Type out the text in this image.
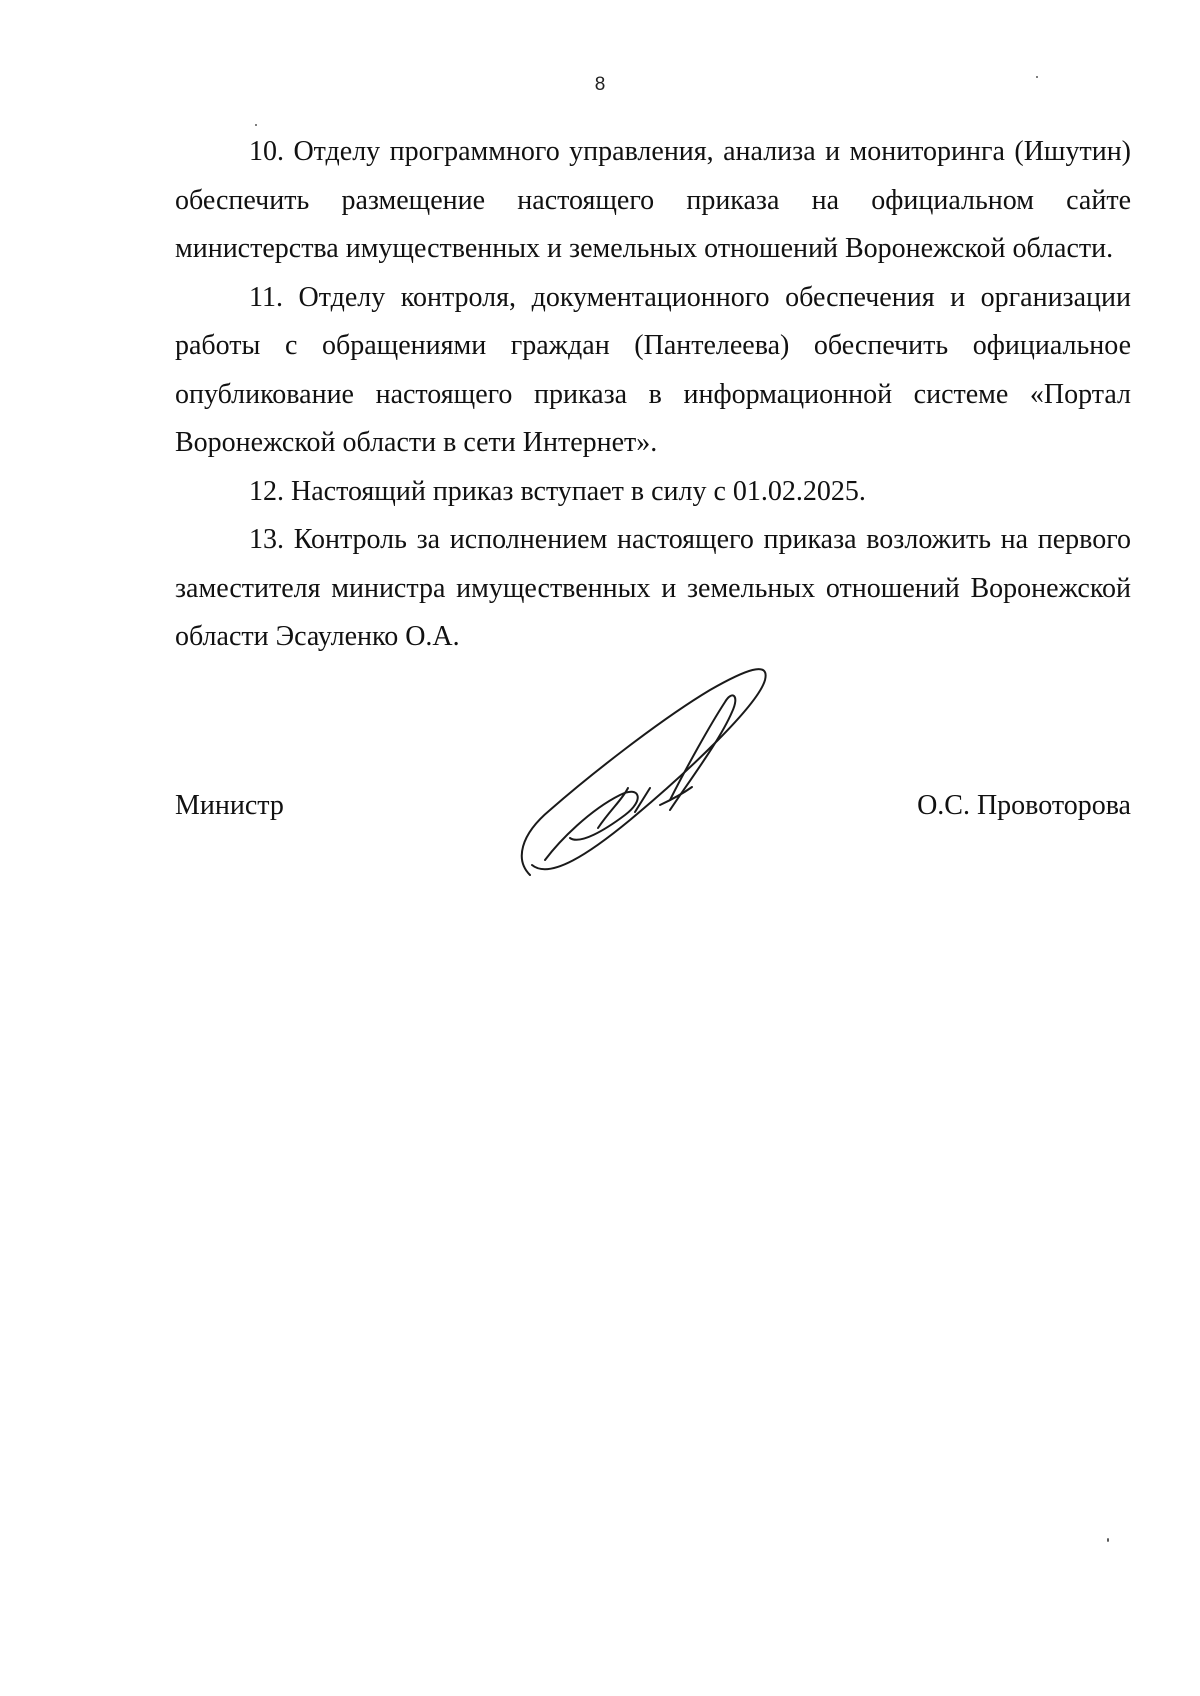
8

10. Отделу программного управления, анализа и мониторинга (Ишутин) обеспечить размещение настоящего приказа на официальном сайте министерства имущественных и земельных отношений Воронежской области.

11. Отделу контроля, документационного обеспечения и организации работы с обращениями граждан (Пантелеева) обеспечить официальное опубликование настоящего приказа в информационной системе «Портал Воронежской области в сети Интернет».

12. Настоящий приказ вступает в силу с 01.02.2025.

13. Контроль за исполнением настоящего приказа возложить на первого заместителя министра имущественных и земельных отношений Воронежской области Эсауленко О.А.

Министр	О.С. Провоторова
